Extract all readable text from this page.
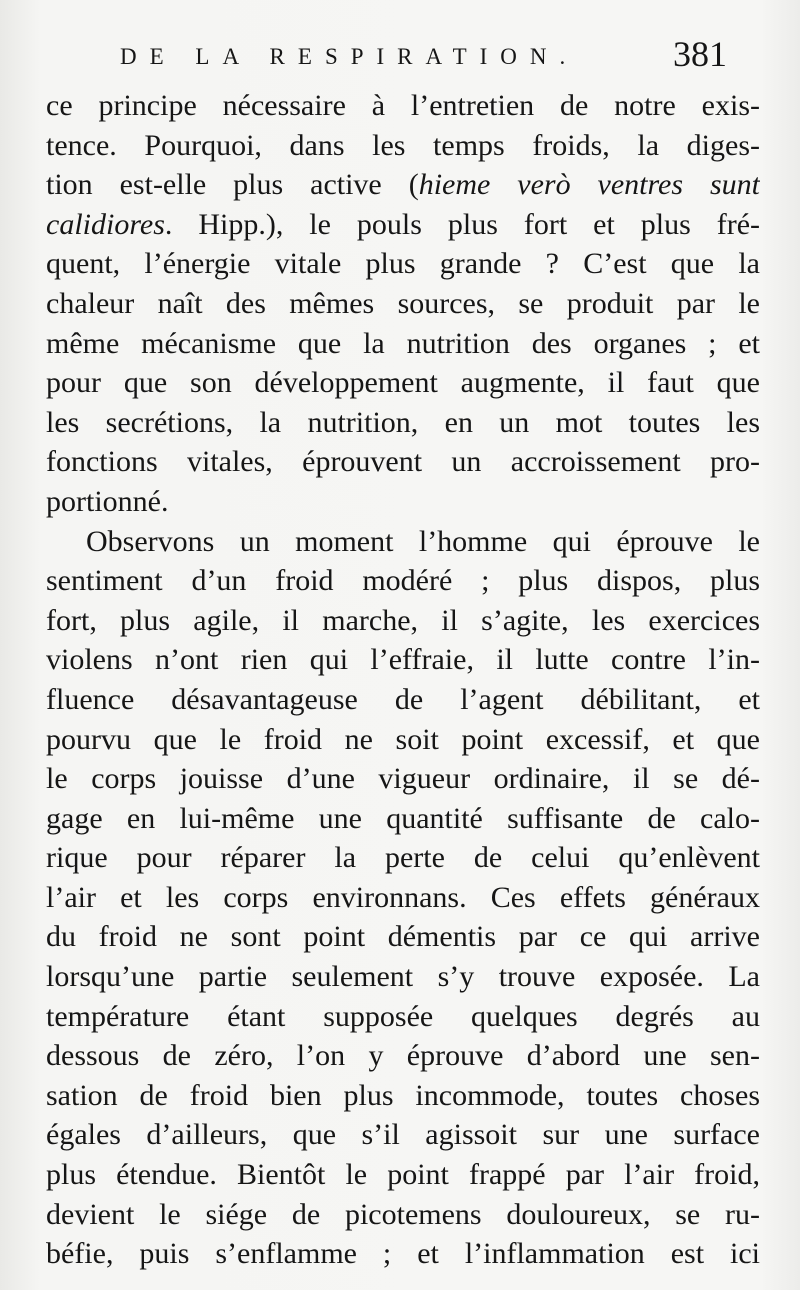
DE LA RESPIRATION.	381
ce principe nécessaire à l’entretien de notre exis-
tence. Pourquoi, dans les temps froids, la diges-
tion est-elle plus active (hieme verò ventres sunt
calidiores. Hipp.), le pouls plus fort et plus fré-
quent, l’énergie vitale plus grande ? C’est que la
chaleur naît des mêmes sources, se produit par le
même mécanisme que la nutrition des organes ; et
pour que son développement augmente, il faut que
les secrétions, la nutrition, en un mot toutes les
fonctions vitales, éprouvent un accroissement pro-
portionné.
Observons un moment l’homme qui éprouve le
sentiment d’un froid modéré ; plus dispos, plus
fort, plus agile, il marche, il s’agite, les exercices
violens n’ont rien qui l’effraie, il lutte contre l’in-
fluence désavantageuse de l’agent débilitant, et
pourvu que le froid ne soit point excessif, et que
le corps jouisse d’une vigueur ordinaire, il se dé-
gage en lui-même une quantité suffisante de calo-
rique pour réparer la perte de celui qu’enlèvent
l’air et les corps environnans. Ces effets généraux
du froid ne sont point démentis par ce qui arrive
lorsqu’une partie seulement s’y trouve exposée. La
température étant supposée quelques degrés au
dessous de zéro, l’on y éprouve d’abord une sen-
sation de froid bien plus incommode, toutes choses
égales d’ailleurs, que s’il agissoit sur une surface
plus étendue. Bientôt le point frappé par l’air froid,
devient le siége de picotemens douloureux, se ru-
béfie, puis s’enflamme ; et l’inflammation est ici
